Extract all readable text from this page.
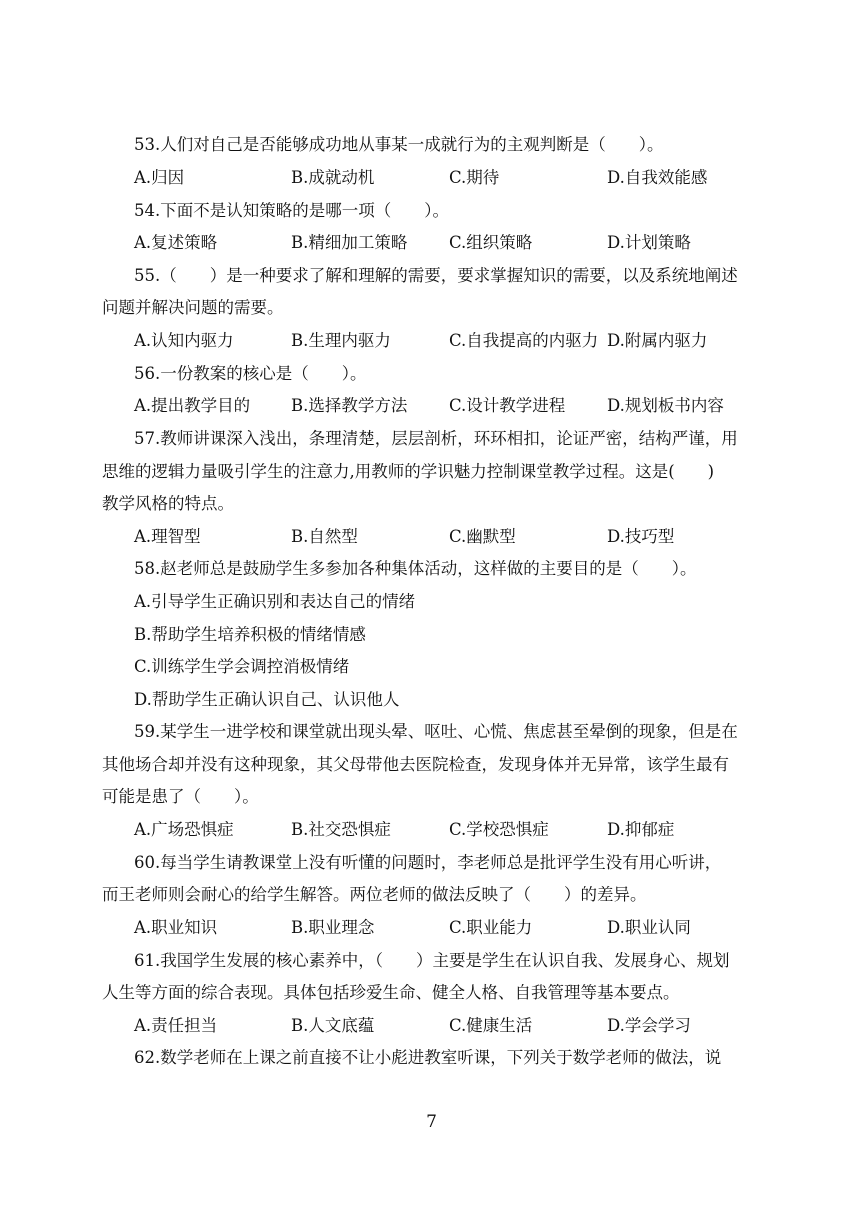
53.人们对自己是否能够成功地从事某一成就行为的主观判断是（　　）。
A.归因	B.成就动机	C.期待	D.自我效能感
54.下面不是认知策略的是哪一项（　　）。
A.复述策略	B.精细加工策略	C.组织策略	D.计划策略
55.（　　）是一种要求了解和理解的需要，要求掌握知识的需要，以及系统地阐述
问题并解决问题的需要。
A.认知内驱力	B.生理内驱力	C.自我提高的内驱力 D.附属内驱力
56.一份教案的核心是（　　）。
A.提出教学目的 B.选择教学方法	C.设计教学进程	D.规划板书内容
57.教师讲课深入浅出，条理清楚，层层剖析，环环相扣，论证严密，结构严谨，用
思维的逻辑力量吸引学生的注意力,用教师的学识魅力控制课堂教学过程。这是(　　)
教学风格的特点。
A.理智型	B.自然型	C.幽默型	D.技巧型
58.赵老师总是鼓励学生多参加各种集体活动，这样做的主要目的是（　　）。
A.引导学生正确识别和表达自己的情绪
B.帮助学生培养积极的情绪情感
C.训练学生学会调控消极情绪
D.帮助学生正确认识自己、认识他人
59.某学生一进学校和课堂就出现头晕、呕吐、心慌、焦虑甚至晕倒的现象，但是在
其他场合却并没有这种现象，其父母带他去医院检查，发现身体并无异常，该学生最有
可能是患了（　　）。
A.广场恐惧症	B.社交恐惧症	C.学校恐惧症	D.抑郁症
60.每当学生请教课堂上没有听懂的问题时，李老师总是批评学生没有用心听讲，
而王老师则会耐心的给学生解答。两位老师的做法反映了（　　）的差异。
A.职业知识	B.职业理念	C.职业能力	D.职业认同
61.我国学生发展的核心素养中，（　　）主要是学生在认识自我、发展身心、规划
人生等方面的综合表现。具体包括珍爱生命、健全人格、自我管理等基本要点。
A.责任担当	B.人文底蕴	C.健康生活	D.学会学习
62.数学老师在上课之前直接不让小彪进教室听课，下列关于数学老师的做法，说
7
